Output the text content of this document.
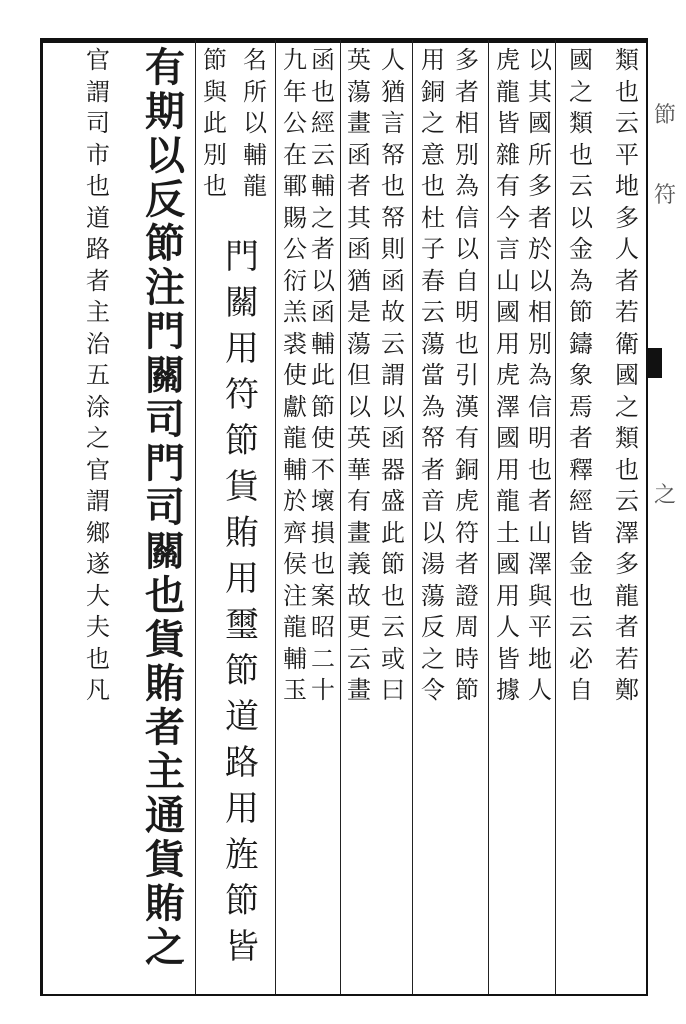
類
也
云
平
地
多
人
者
若
衛
國
之
類
也
云
澤
多
龍
者
若
鄭
國
之
類
也
云
以
金
為
節
鑄
象
焉
者
釋
經
皆
金
也
云
必
自
以
其
國
所
多
者
於
以
相
別
為
信
明
也
者
山
澤
與
平
地
人
虎
龍
皆
雜
有
今
言
山
國
用
虎
澤
國
用
龍
土
國
用
人
皆
據
多
者
相
別
為
信
以
自
明
也
引
漢
有
銅
虎
符
者
證
周
時
節
用
銅
之
意
也
杜
子
春
云
蕩
當
為
帑
者
音
以
湯
蕩
反
之
令
人
猶
言
帑
也
帑
則
函
故
云
謂
以
函
器
盛
此
節
也
云
或
曰
英
蕩
畫
函
者
其
函
猶
是
蕩
但
以
英
華
有
畫
義
故
更
云
畫
函
也
經
云
輔
之
者
以
函
輔
此
節
使
不
壞
損
也
案
昭
二
十
九
年
公
在
鄆
賜
公
衍
羔
裘
使
獻
龍
輔
於
齊
侯
注
龍
輔
玉
名
所
以
輔
龍
門
關
用
符
節
貨
賄
用
璽
節
道
路
用
旌
節
皆
節
與
此
別
也
有
期
以
反
節
注
門
關
司
門
司
關
也
貨
賄
者
主
通
貨
賄
之
官
謂
司
市
也
道
路
者
主
治
五
涂
之
官
謂
鄉
遂
大
夫
也
凡
節
符
之
